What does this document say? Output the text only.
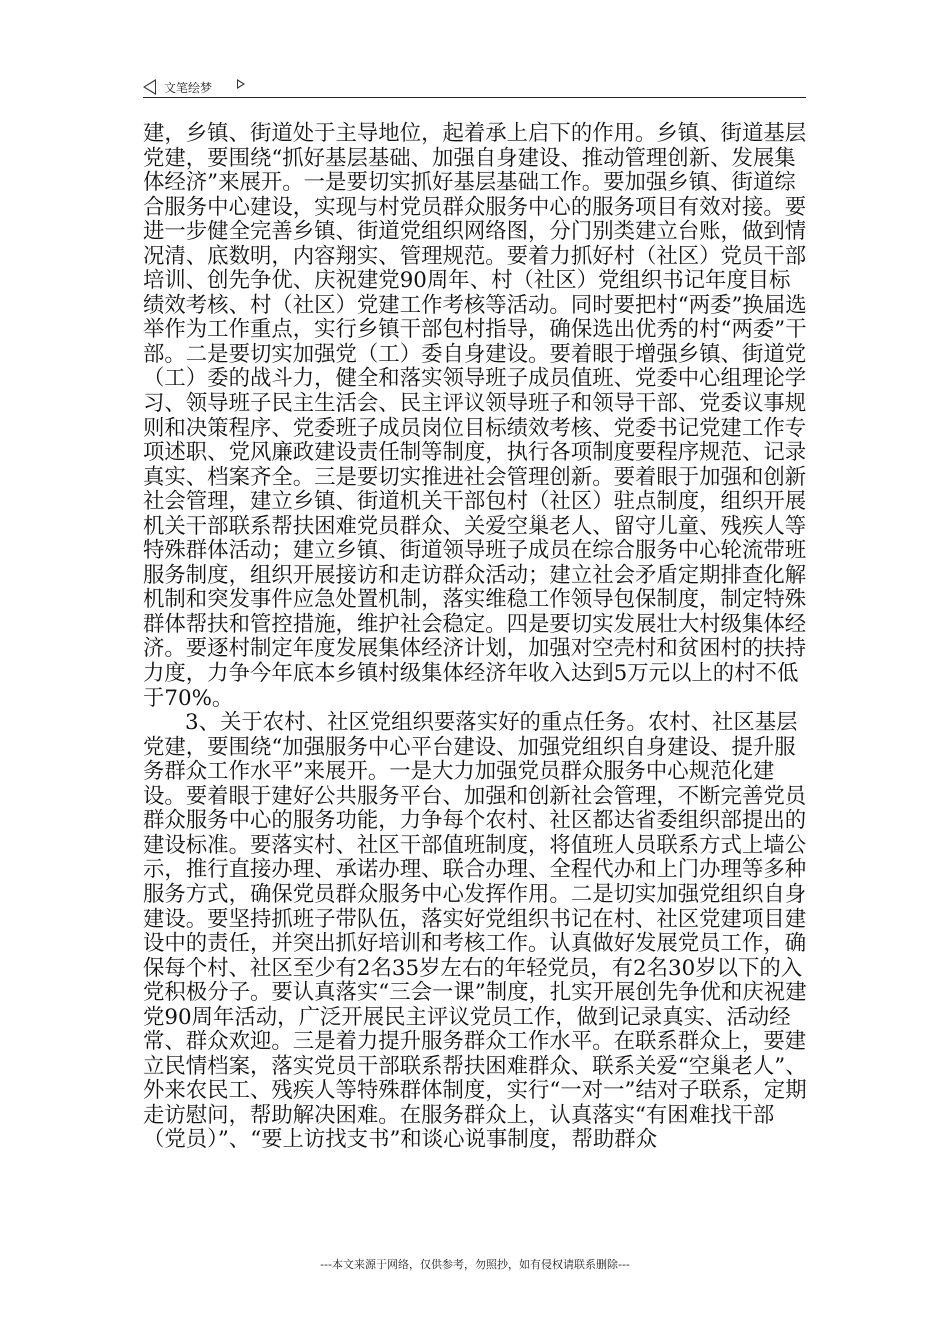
文笔绘梦

建，乡镇、街道处于主导地位，起着承上启下的作用。乡镇、街道基层党建，要围绕“抓好基层基础、加强自身建设、推动管理创新、发展集体经济”来展开。一是要切实抓好基层基础工作。要加强乡镇、街道综合服务中心建设，实现与村党员群众服务中心的服务项目有效对接。要进一步健全完善乡镇、街道党组织网络图，分门别类建立台账，做到情况清、底数明，内容翔实、管理规范。要着力抓好村（社区）党员干部培训、创先争优、庆祝建党90周年、村（社区）党组织书记年度目标绩效考核、村（社区）党建工作考核等活动。同时要把村“两委”换届选举作为工作重点，实行乡镇干部包村指导，确保选出优秀的村“两委”干部。二是要切实加强党（工）委自身建设。要着眼于增强乡镇、街道党（工）委的战斗力，健全和落实领导班子成员值班、党委中心组理论学习、领导班子民主生活会、民主评议领导班子和领导干部、党委议事规则和决策程序、党委班子成员岗位目标绩效考核、党委书记党建工作专项述职、党风廉政建设责任制等制度，执行各项制度要程序规范、记录真实、档案齐全。三是要切实推进社会管理创新。要着眼于加强和创新社会管理，建立乡镇、街道机关干部包村（社区）驻点制度，组织开展机关干部联系帮扶困难党员群众、关爱空巢老人、留守儿童、残疾人等特殊群体活动；建立乡镇、街道领导班子成员在综合服务中心轮流带班服务制度，组织开展接访和走访群众活动；建立社会矛盾定期排查化解机制和突发事件应急处置机制，落实维稳工作领导包保制度，制定特殊群体帮扶和管控措施，维护社会稳定。四是要切实发展壮大村级集体经济。要逐村制定年度发展集体经济计划，加强对空壳村和贫困村的扶持力度，力争今年底本乡镇村级集体经济年收入达到5万元以上的村不低于70%。

3、关于农村、社区党组织要落实好的重点任务。农村、社区基层党建，要围绕“加强服务中心平台建设、加强党组织自身建设、提升服务群众工作水平”来展开。一是大力加强党员群众服务中心规范化建设。要着眼于建好公共服务平台、加强和创新社会管理，不断完善党员群众服务中心的服务功能，力争每个农村、社区都达省委组织部提出的建设标准。要落实村、社区干部值班制度，将值班人员联系方式上墙公示，推行直接办理、承诺办理、联合办理、全程代办和上门办理等多种服务方式，确保党员群众服务中心发挥作用。二是切实加强党组织自身建设。要坚持抓班子带队伍，落实好党组织书记在村、社区党建项目建设中的责任，并突出抓好培训和考核工作。认真做好发展党员工作，确保每个村、社区至少有2名35岁左右的年轻党员，有2名30岁以下的入党积极分子。要认真落实“三会一课”制度，扎实开展创先争优和庆祝建党90周年活动，广泛开展民主评议党员工作，做到记录真实、活动经常、群众欢迎。三是着力提升服务群众工作水平。在联系群众上，要建立民情档案，落实党员干部联系帮扶困难群众、联系关爱“空巢老人”、外来农民工、残疾人等特殊群体制度，实行“一对一”结对子联系，定期走访慰问，帮助解决困难。在服务群众上，认真落实“有困难找干部（党员）”、“要上访找支书”和谈心说事制度，帮助群众

---本文来源于网络，仅供参考，勿照抄，如有侵权请联系删除---
